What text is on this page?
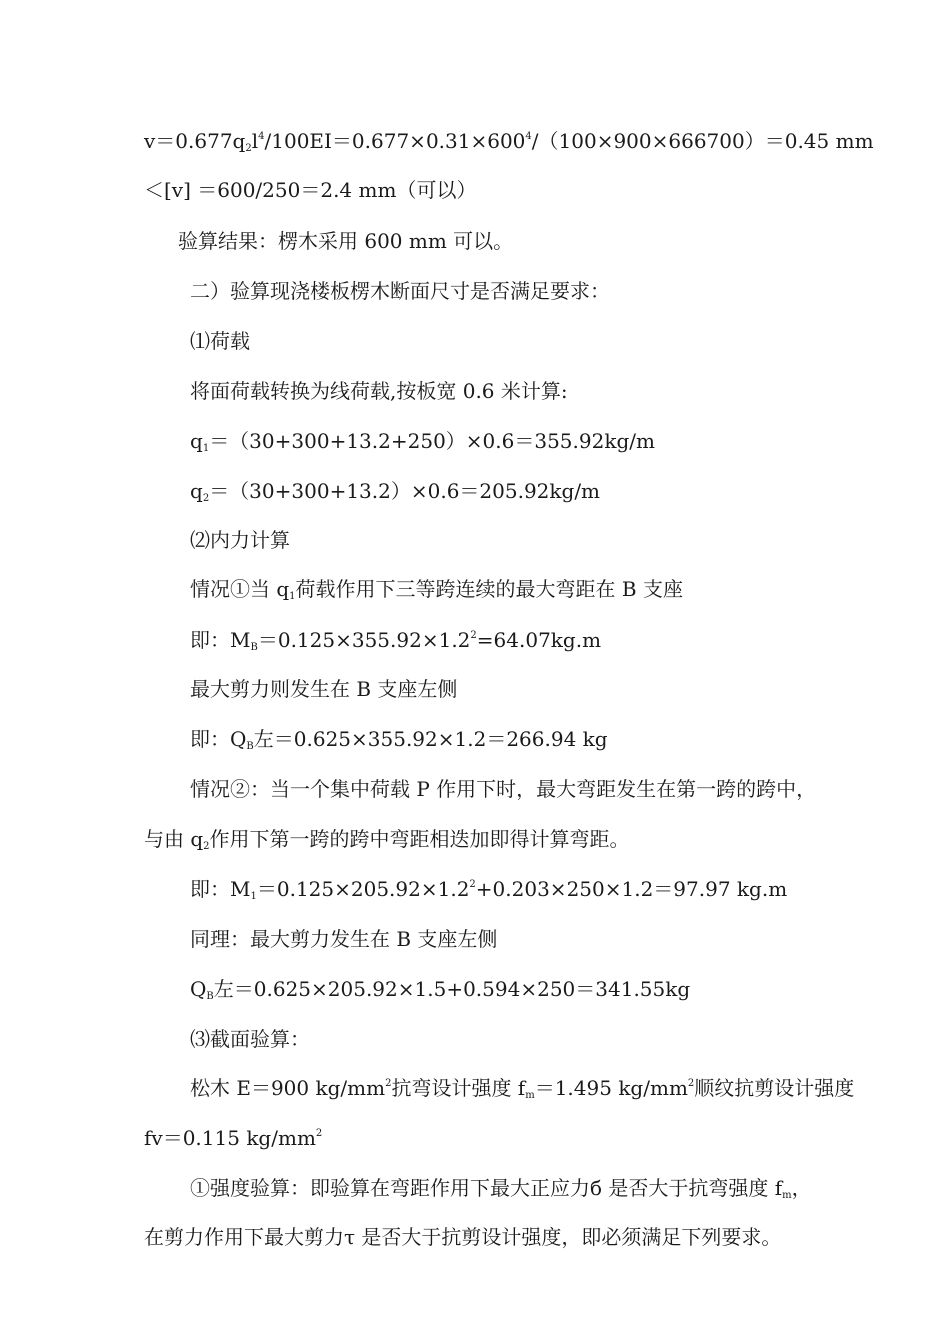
$v=0.677q_2l^4/100EI=0.677\times 0.31\times 600^4/(100\times 900\times 666700)=0.45$ mm
＜[v] ＝600/250＝2.4 mm（可以）
验算结果：楞木采用 600 mm 可以。
二）验算现浇楼板楞木断面尺寸是否满足要求：
⑴荷载
将面荷载转换为线荷载,按板宽 0.6 米计算:
$q_1=(30+300+13.2+250)\times 0.6=355.92kg/m$
$q_2=(30+300+13.2)\times 0.6=205.92kg/m$
⑵内力计算
情况①当 $q_1$荷载作用下三等跨连续的最大弯距在 B 支座
即：$M_B=0.125\times 355.92\times 1.2^2=64.07kg.m$
最大剪力则发生在 B 支座左侧
即：$Q_B$左＝0.625×355.92×1.2＝266.94 kg
情况②：当一个集中荷载 P 作用下时，最大弯距发生在第一跨的跨中，
与由 $q_2$作用下第一跨的跨中弯距相迭加即得计算弯距。
即：$M_1=0.125\times 205.92\times 1.2^2+0.203\times 250\times 1.2=97.97$ kg.m
同理：最大剪力发生在 B 支座左侧
$Q_B$左＝0.625×205.92×1.5+0.594×250＝341.55kg
⑶截面验算：
松木 E＝900 $kg/mm^2$抗弯设计强度 $f_m=1.495$ $kg/mm^2$顺纹抗剪设计强度
fv＝0.115 $kg/mm^2$
①强度验算：即验算在弯距作用下最大正应力б 是否大于抗弯强度 $f_m$，
在剪力作用下最大剪力τ 是否大于抗剪设计强度，即必须满足下列要求。
